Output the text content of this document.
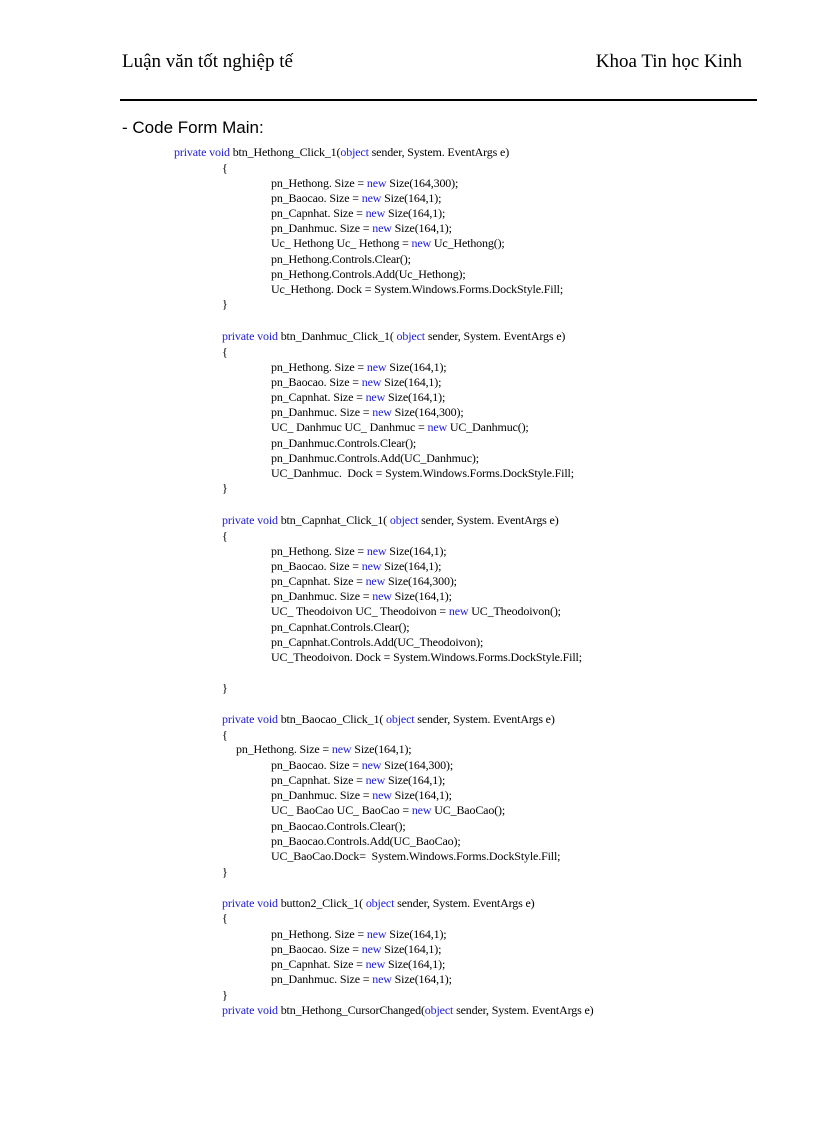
Luận văn tốt nghiệp tế	Khoa Tin học Kinh
- Code Form Main:
private void btn_Hethong_Click_1(object sender, System. EventArgs e)
{
pn_Hethong. Size = new Size(164,300);
pn_Baocao. Size = new Size(164,1);
pn_Capnhat. Size = new Size(164,1);
pn_Danhmuc. Size = new Size(164,1);
Uc_ Hethong Uc_ Hethong = new Uc_Hethong();
pn_Hethong.Controls.Clear();
pn_Hethong.Controls.Add(Uc_Hethong);
Uc_Hethong. Dock = System.Windows.Forms.DockStyle.Fill;
}
private void btn_Danhmuc_Click_1( object sender, System. EventArgs e)
{
pn_Hethong. Size = new Size(164,1);
pn_Baocao. Size = new Size(164,1);
pn_Capnhat. Size = new Size(164,1);
pn_Danhmuc. Size = new Size(164,300);
UC_ Danhmuc UC_ Danhmuc = new UC_Danhmuc();
pn_Danhmuc.Controls.Clear();
pn_Danhmuc.Controls.Add(UC_Danhmuc);
UC_Danhmuc.  Dock = System.Windows.Forms.DockStyle.Fill;
}
private void btn_Capnhat_Click_1( object sender, System. EventArgs e)
{
pn_Hethong. Size = new Size(164,1);
pn_Baocao. Size = new Size(164,1);
pn_Capnhat. Size = new Size(164,300);
pn_Danhmuc. Size = new Size(164,1);
UC_ Theodoivon UC_ Theodoivon = new UC_Theodoivon();
pn_Capnhat.Controls.Clear();
pn_Capnhat.Controls.Add(UC_Theodoivon);
UC_Theodoivon. Dock = System.Windows.Forms.DockStyle.Fill;
}
private void btn_Baocao_Click_1( object sender, System. EventArgs e)
{
pn_Hethong. Size = new Size(164,1);
pn_Baocao. Size = new Size(164,300);
pn_Capnhat. Size = new Size(164,1);
pn_Danhmuc. Size = new Size(164,1);
UC_ BaoCao UC_ BaoCao = new UC_BaoCao();
pn_Baocao.Controls.Clear();
pn_Baocao.Controls.Add(UC_BaoCao);
UC_BaoCao.Dock=  System.Windows.Forms.DockStyle.Fill;
}
private void button2_Click_1( object sender, System. EventArgs e)
{
pn_Hethong. Size = new Size(164,1);
pn_Baocao. Size = new Size(164,1);
pn_Capnhat. Size = new Size(164,1);
pn_Danhmuc. Size = new Size(164,1);
}
private void btn_Hethong_CursorChanged(object sender, System. EventArgs e)
